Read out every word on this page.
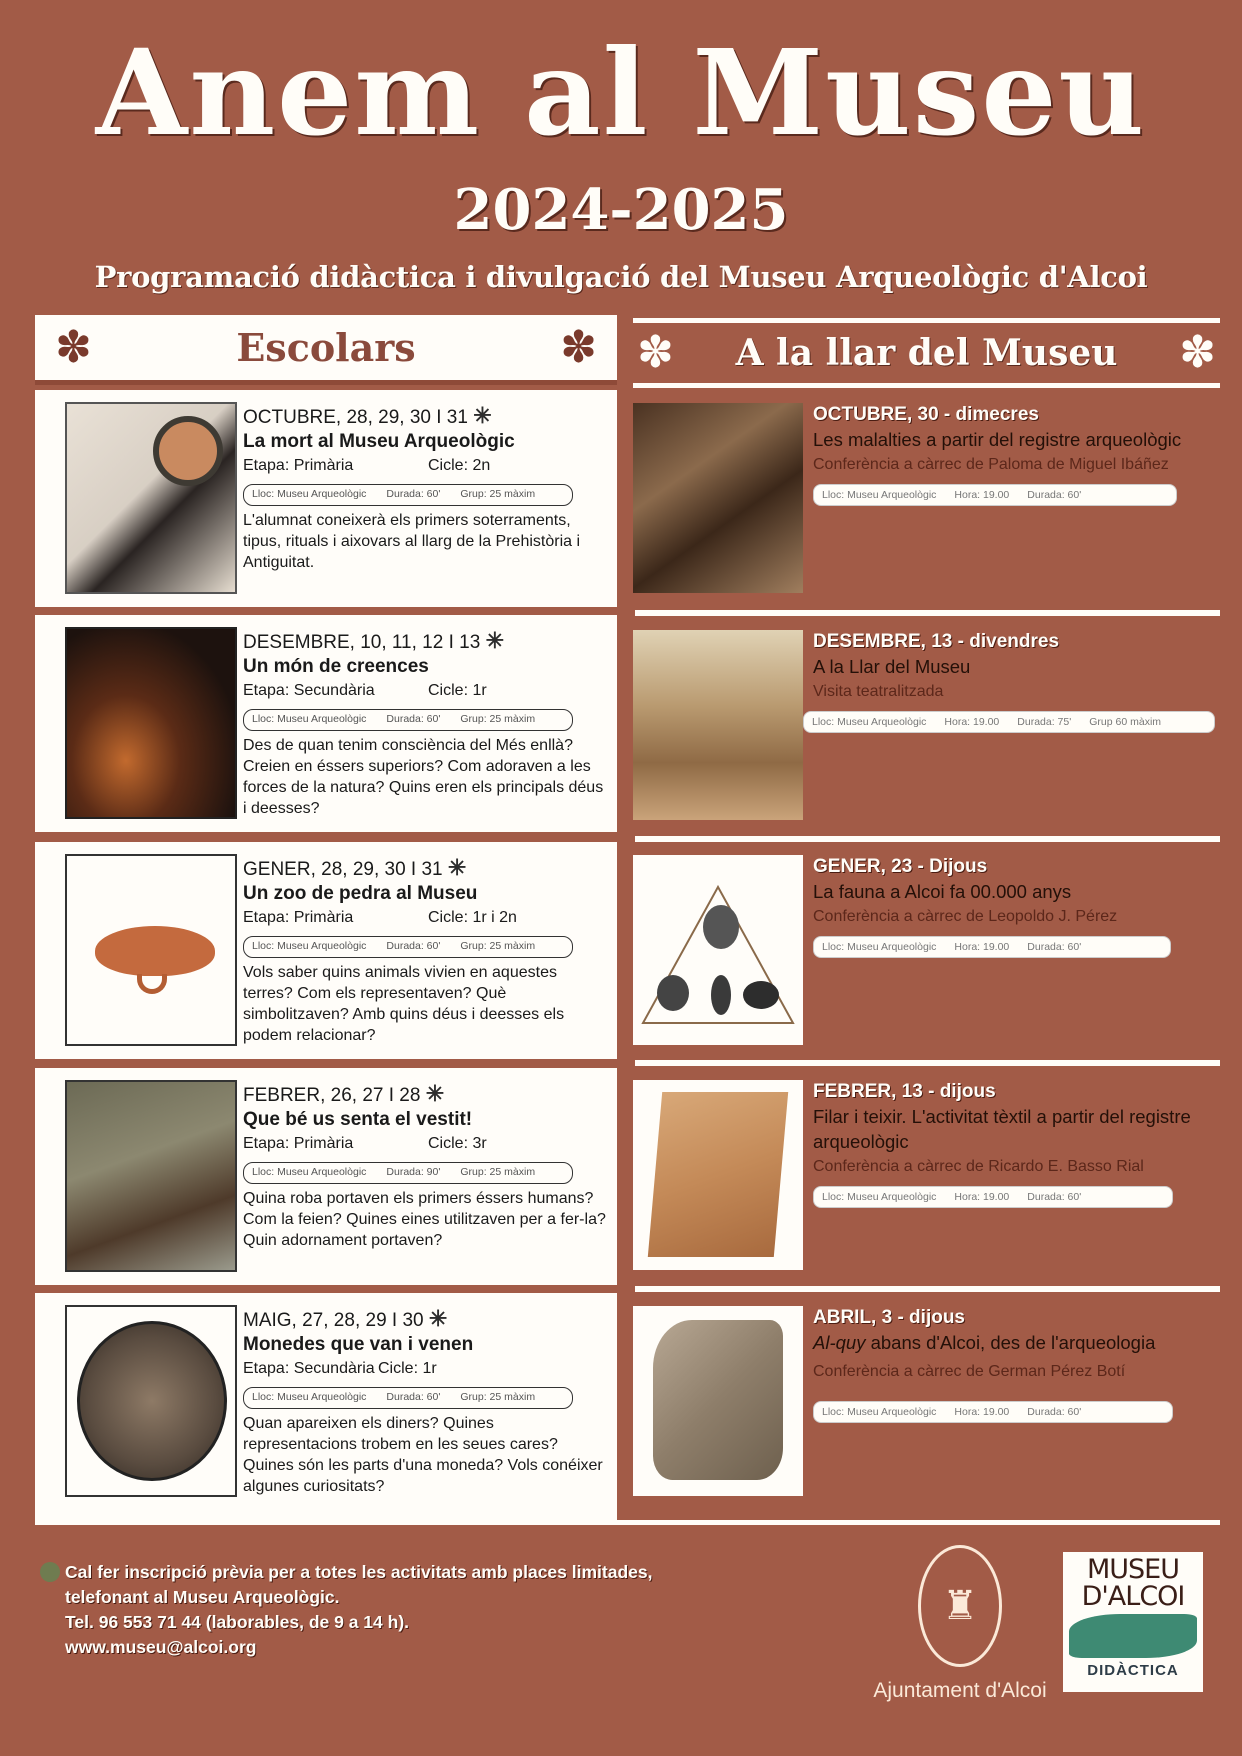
Anem al Museu
2024-2025
Programació didàctica i divulgació del Museu Arqueològic d'Alcoi
✽	Escolars	✽ ✽ A la llar del Museu ✽
OCTUBRE, 28, 29, 30 I 31 ✳
La mort al Museu Arqueològic
Etapa: Primària	Cicle: 2n
Lloc: Museu Arqueològic Durada: 60' Grup: 25 màxim
L'alumnat coneixerà els primers soterraments, tipus, rituals i aixovars al llarg de la Prehistòria i Antiguitat.
DESEMBRE, 10, 11, 12 I 13 ✳
Un món de creences
Etapa: Secundària	Cicle: 1r
Lloc: Museu Arqueològic Durada: 60' Grup: 25 màxim
Des de quan tenim consciència del Més enllà? Creien en éssers superiors? Com adoraven a les forces de la natura? Quins eren els principals déus i deesses?
GENER, 28, 29, 30 I 31 ✳
Un zoo de pedra al Museu
Etapa: Primària	Cicle: 1r i 2n
Lloc: Museu Arqueològic Durada: 60' Grup: 25 màxim
Vols saber quins animals vivien en aquestes terres? Com els representaven? Què simbolitzaven? Amb quins déus i deesses els podem relacionar?
FEBRER, 26, 27 I 28 ✳
Que bé us senta el vestit!
Etapa: Primària	Cicle: 3r
Lloc: Museu Arqueològic Durada: 90' Grup: 25 màxim
Quina roba portaven els primers éssers humans? Com la feien? Quines eines utilitzaven per a fer-la? Quin adornament portaven?
MAIG, 27, 28, 29 I 30 ✳
Monedes que van i venen
Etapa: Secundària Cicle: 1r
Lloc: Museu Arqueològic Durada: 60' Grup: 25 màxim
Quan apareixen els diners? Quines representacions trobem en les seues cares? Quines són les parts d'una moneda? Vols conéixer algunes curiositats?
OCTUBRE, 30 - dimecres
Les malalties a partir del registre arqueològic
Conferència a càrrec de Paloma de Miguel Ibáñez
Lloc: Museu Arqueològic Hora: 19.00 Durada: 60'
DESEMBRE, 13 - divendres
A la Llar del Museu
Visita teatralitzada
Lloc: Museu Arqueològic Hora: 19.00 Durada: 75' Grup 60 màxim
GENER, 23 - Dijous
La fauna a Alcoi fa 00.000 anys
Conferència a càrrec de Leopoldo J. Pérez
Lloc: Museu Arqueològic Hora: 19.00 Durada: 60'
FEBRER, 13 - dijous
Filar i teixir. L'activitat tèxtil a partir del registre arqueològic
Conferència a càrrec de Ricardo E. Basso Rial
Lloc: Museu Arqueològic Hora: 19.00 Durada: 60'
ABRIL, 3 - dijous
Al-quy abans d'Alcoi, des de l'arqueologia
Conferència a càrrec de German Pérez Botí
Lloc: Museu Arqueològic Hora: 19.00 Durada: 60'
Cal fer inscripció prèvia per a totes les activitats amb places limitades,
telefonant al Museu Arqueològic.
Tel. 96 553 71 44 (laborables, de 9 a 14 h).
www.museu@alcoi.org
♜
Ajuntament d'Alcoi
MUSEU
D'ALCOI
DIDÀCTICA
